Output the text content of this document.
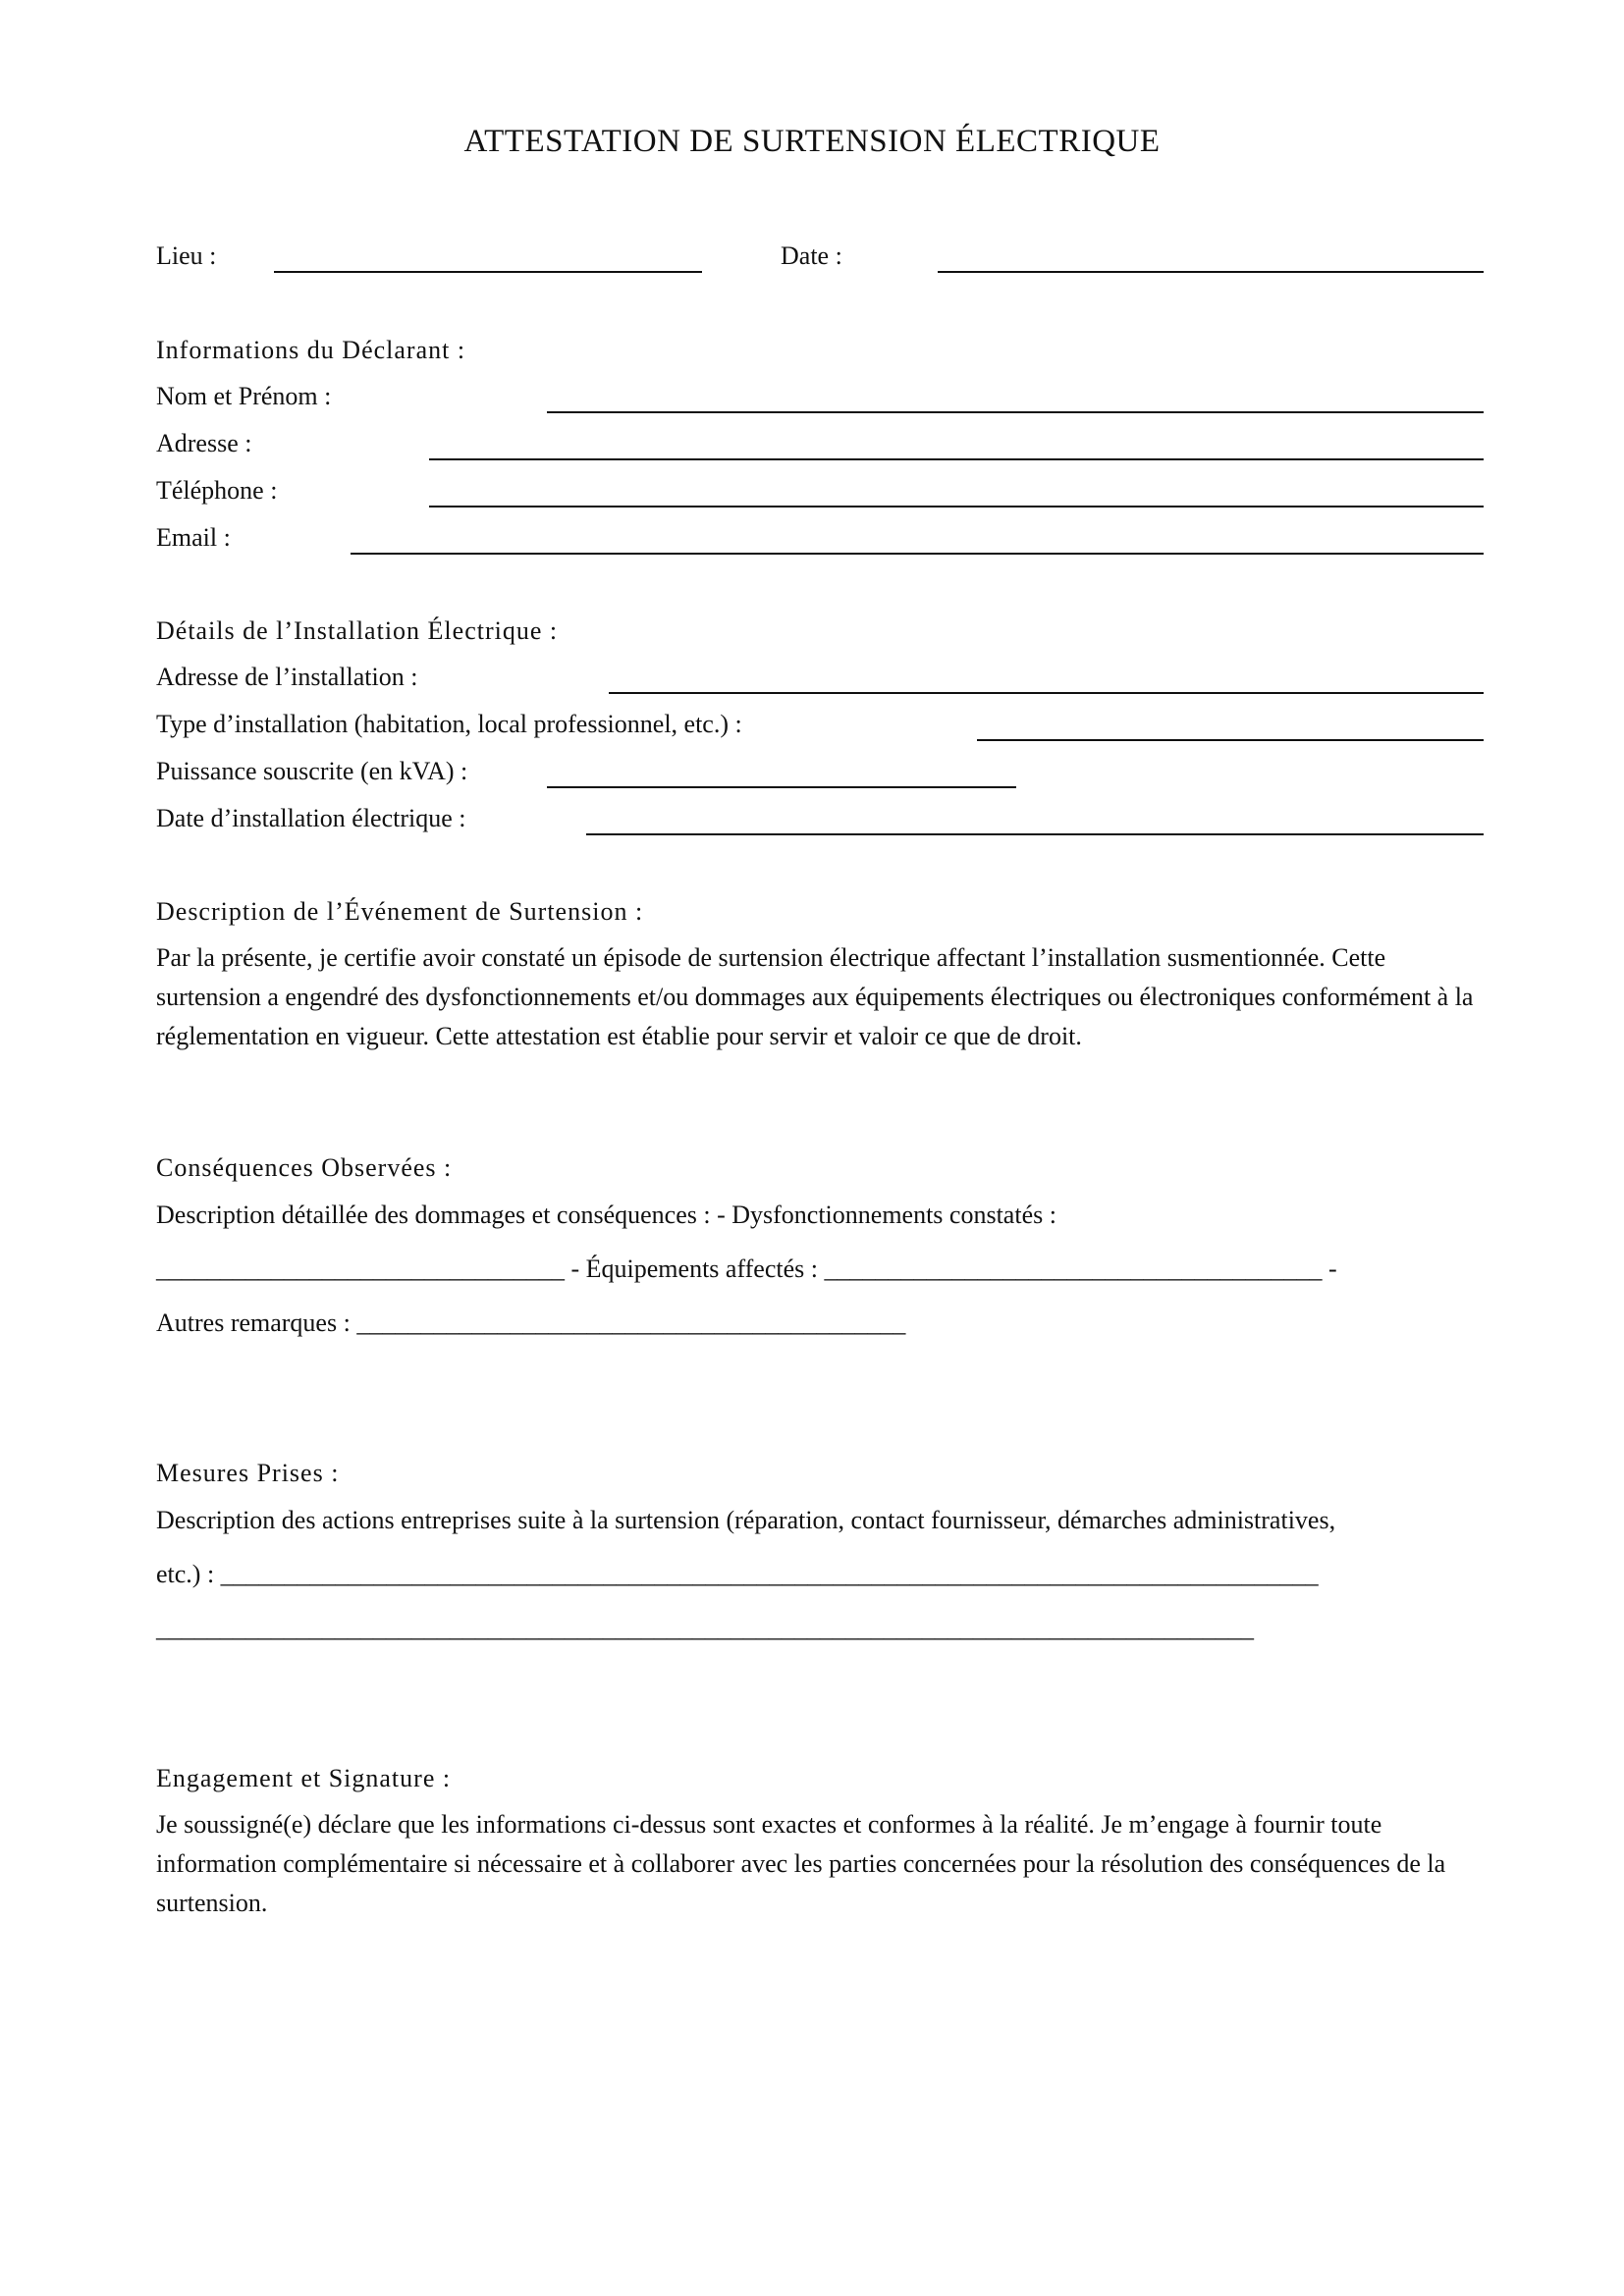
ATTESTATION DE SURTENSION ÉLECTRIQUE
Lieu :	Date :
Informations du Déclarant :
Nom et Prénom :
Adresse :
Téléphone :
Email :
Détails de l’Installation Électrique :
Adresse de l’installation :
Type d’installation (habitation, local professionnel, etc.) :
Puissance souscrite (en kVA) :
Date d’installation électrique :
Description de l’Événement de Surtension :
Par la présente, je certifie avoir constaté un épisode de surtension électrique affectant l’installation susmentionnée. Cette surtension a engendré des dysfonctionnements et/ou dommages aux équipements électriques ou électroniques conformément à la réglementation en vigueur. Cette attestation est établie pour servir et valoir ce que de droit.
Conséquences Observées :
Description détaillée des dommages et conséquences : - Dysfonctionnements constatés :
________________________________ - Équipements affectés : _______________________________________ -
Autres remarques : ___________________________________________
Mesures Prises :
Description des actions entreprises suite à la surtension (réparation, contact fournisseur, démarches administratives,
etc.) : ______________________________________________________________________________________
______________________________________________________________________________________
Engagement et Signature :
Je soussigné(e) déclare que les informations ci-dessus sont exactes et conformes à la réalité. Je m’engage à fournir toute information complémentaire si nécessaire et à collaborer avec les parties concernées pour la résolution des conséquences de la surtension.
